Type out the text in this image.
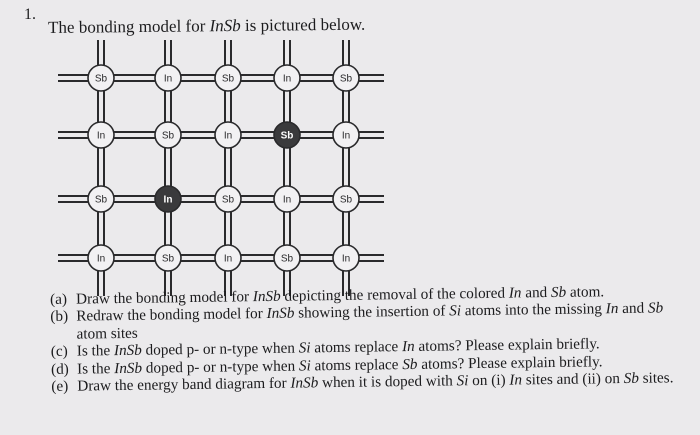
1.
The bonding model for InSb is pictured below.
Sb	In	Sb	In	Sb
In	Sb	In	Sb	In
Sb	In	Sb	In	Sb
In	Sb	In	Sb	In
(a) Draw the bonding model for InSb depicting the removal of the colored In and Sb atom.
(b) Redraw the bonding model for InSb showing the insertion of Si atoms into the missing In and Sb atom sites
(c) Is the InSb doped p- or n-type when Si atoms replace In atoms? Please explain briefly.
(d) Is the InSb doped p- or n-type when Si atoms replace Sb atoms? Please explain briefly.
(e) Draw the energy band diagram for InSb when it is doped with Si on (i) In sites and (ii) on Sb sites.
